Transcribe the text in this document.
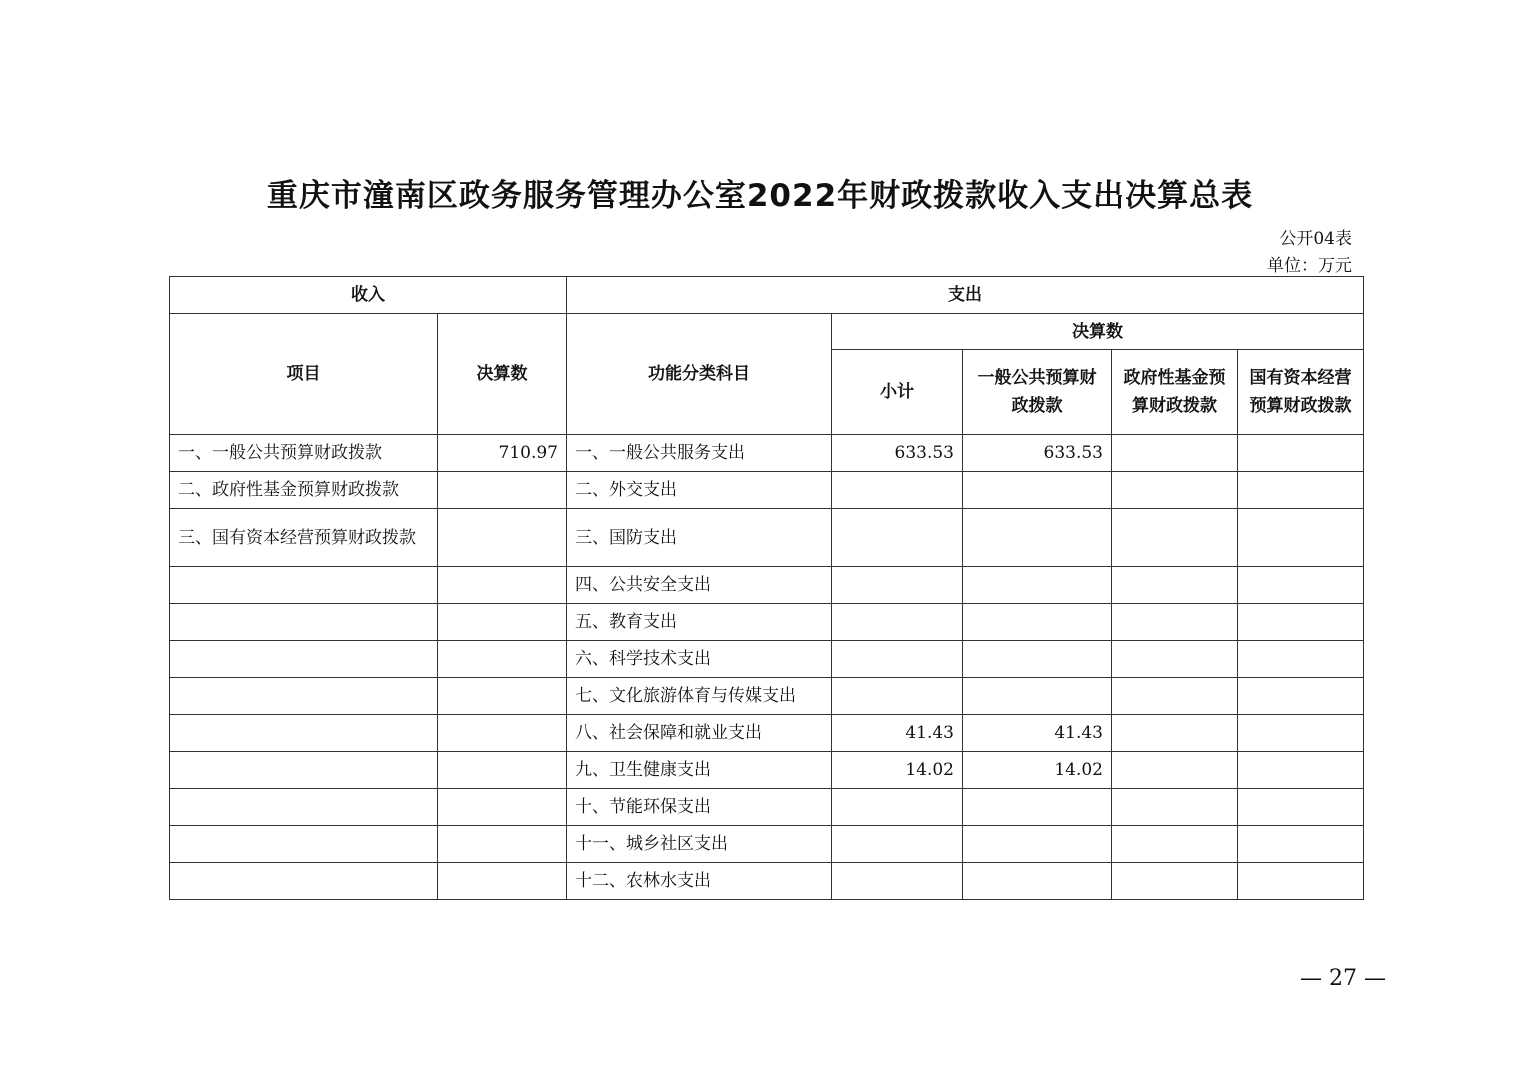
重庆市潼南区政务服务管理办公室2022年财政拨款收入支出决算总表
公开04表
单位：万元
收入		支出				
项目	决算数	功能分类科目	决算数			
			小计	一般公共预算财政拨款	政府性基金预算财政拨款	国有资本经营预算财政拨款
一、一般公共预算财政拨款	710.97	一、一般公共服务支出	633.53	633.53		
二、政府性基金预算财政拨款		二、外交支出				
三、国有资本经营预算财政拨款		三、国防支出				
		四、公共安全支出				
		五、教育支出				
		六、科学技术支出				
		七、文化旅游体育与传媒支出				
		八、社会保障和就业支出	41.43	41.43		
		九、卫生健康支出	14.02	14.02		
		十、节能环保支出				
		十一、城乡社区支出				
		十二、农林水支出				
— 27 —
